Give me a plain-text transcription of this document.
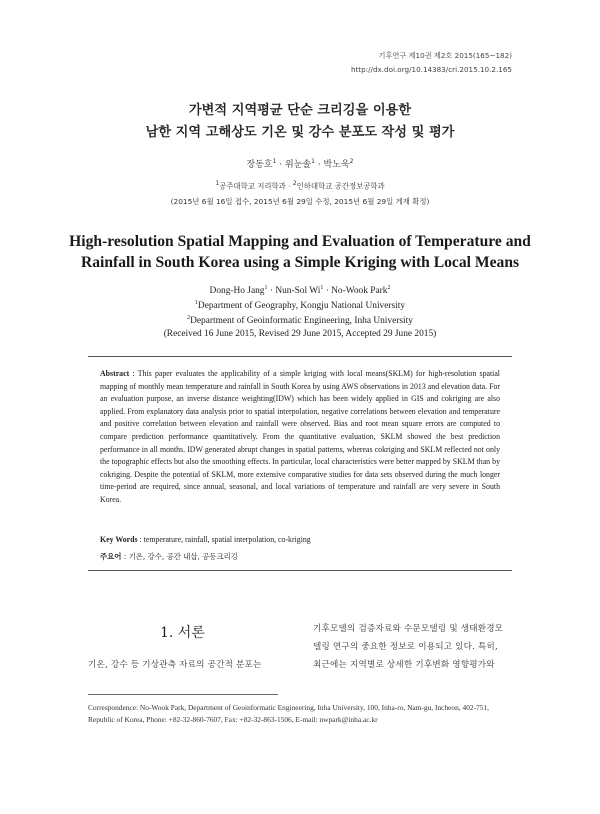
기후연구 제10권 제2호 2015(165~182)
http://dx.doi.org/10.14383/cri.2015.10.2.165
가변적 지역평균 단순 크리깅을 이용한
남한 지역 고해상도 기온 및 강수 분포도 작성 및 평가
장동호$^1$ · 위눈솔$^1$ · 박노욱$^2$
$^1$공주대학교 지리학과 · $^2$인하대학교 공간정보공학과
(2015년 6월 16일 접수, 2015년 6월 29일 수정, 2015년 6월 29일 게재 확정)
High-resolution Spatial Mapping and Evaluation of Temperature and
Rainfall in South Korea using a Simple Kriging with Local Means
Dong-Ho Jang$^1$ · Nun-Sol $Wi^1$ · No-Wook Park$^2$
$^1$Department of Geography, Kongju National University
$^2$Department of Geoinformatic Engineering, Inha University
(Received 16 June 2015, Revised 29 June 2015, Accepted 29 June 2015)
Abstract : This paper evaluates the applicability of a simple kriging with local means(SKLM) for high-resolution spatial mapping of monthly mean temperature and rainfall in South Korea by using AWS observations in 2013 and elevation data. For an evaluation purpose, an inverse distance weighting(IDW) which has been widely applied in GIS and cokriging are also applied. From explanatory data analysis prior to spatial interpolation, negative correlations between elevation and temperature and positive correlation between elevation and rainfall were observed. Bias and root mean square errors are computed to compare prediction performance quantitatively. From the quantitative evaluation, SKLM showed the best prediction performance in all months. IDW generated abrupt changes in spatial patterns, whereas cokriging and SKLM reflected not only the topographic effects but also the smoothing effects. In particular, local characteristics were better mapped by SKLM than by cokriging. Despite the potential of SKLM, more extensive comparative studies for data sets observed during the much longer time-period are required, since annual, seasonal, and local variations of temperature and rainfall are very severe in South Korea.
Key Words : temperature, rainfall, spatial interpolation, co-kriging
주요어 : 기온, 강수, 공간 내삽, 공동크리깅
1. 서론
기온, 강수 등 기상관측 자료의 공간적 분포는
기후모델의 검증자료와 수문모델링 및 생태환경모
델링 연구의 중요한 정보로 이용되고 있다. 특히,
최근에는 지역별로 상세한 기후변화 영향평가와
Correspondence: No-Wook Park, Department of Geoinformatic Engineering, Inha University, 100, Inha-ro, Nam-gu, Incheon, 402-751, Republic of Korea, Phone: +82-32-860-7607, Fax: +82-32-863-1506, E-mail: nwpark@inha.ac.kr
